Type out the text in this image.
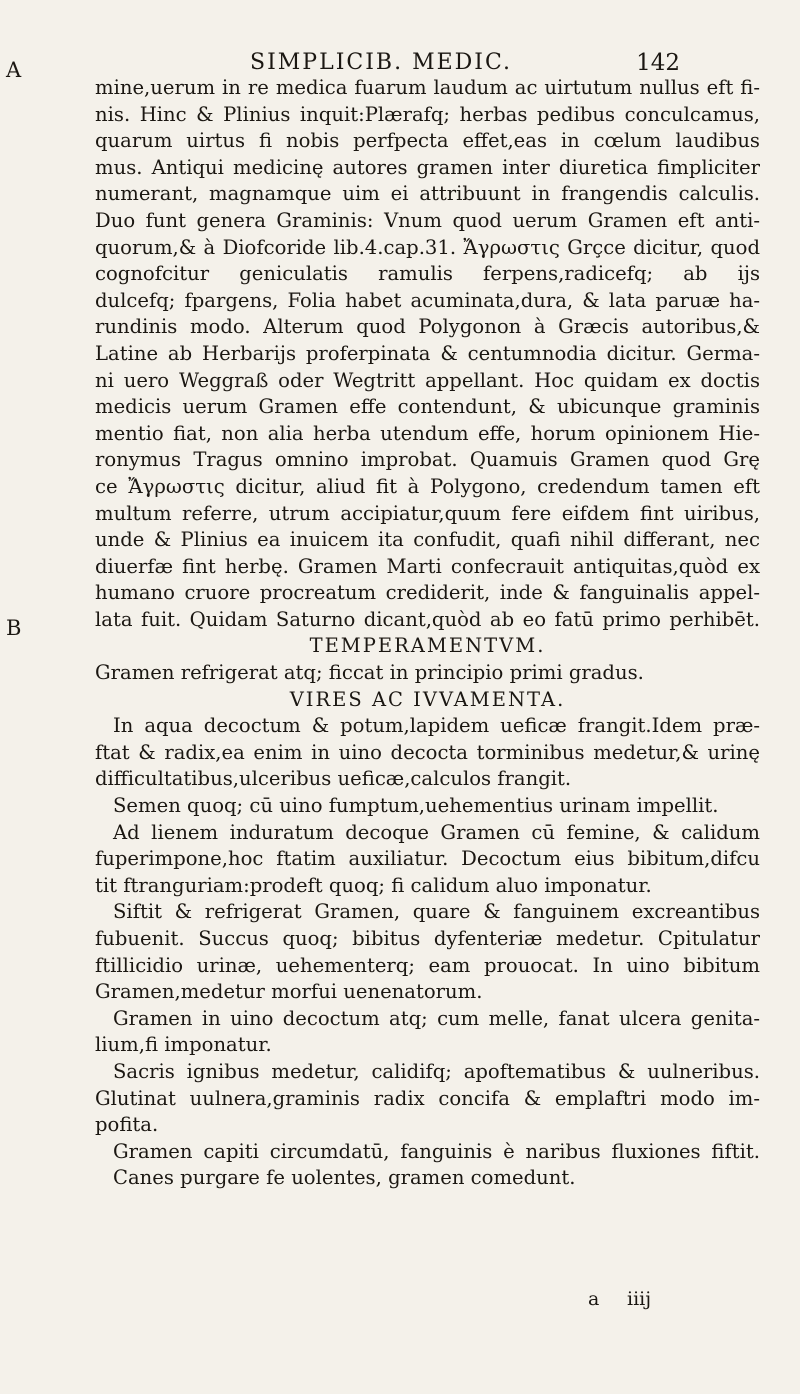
SIMPLICIB. MEDIC.	142
A
B
mine,uerum in re medica fuarum laudum ac uirtutum nullus eft fi-
nis. Hinc & Plinius inquit:Plærafq; herbas pedibus conculcamus,
quarum uirtus fi nobis perfpecta effet,eas in cœlum laudibus
mus. Antiqui medicinę autores gramen inter diuretica fimpliciter
numerant, magnamque uim ei attribuunt in frangendis calculis.
Duo funt genera Graminis: Vnum quod uerum Gramen eft anti-
quorum,& à Diofcoride lib.4.cap.31. Ἄγρωστις Grçce dicitur, quod
cognofcitur geniculatis ramulis ferpens,radicefq; ab ijs
dulcefq; fpargens, Folia habet acuminata,dura, & lata paruæ ha-
rundinis modo. Alterum quod Polygonon à Græcis autoribus,&
Latine ab Herbarijs proferpinata & centumnodia dicitur. Germa-
ni uero Weggraß oder Wegtritt appellant. Hoc quidam ex doctis
medicis uerum Gramen effe contendunt, & ubicunque graminis
mentio fiat, non alia herba utendum effe, horum opinionem Hie-
ronymus Tragus omnino improbat. Quamuis Gramen quod Grę
ce Ἄγρωστις dicitur, aliud fit à Polygono, credendum tamen eft
multum referre, utrum accipiatur,quum fere eifdem fint uiribus,
unde & Plinius ea inuicem ita confudit, quafi nihil differant, nec
diuerfæ fint herbę. Gramen Marti confecrauit antiquitas,quòd ex
humano cruore procreatum crediderit, inde & fanguinalis appel-
lata fuit. Quidam Saturno dicant,quòd ab eo fatū primo perhibēt.
TEMPERAMENTVM.
Gramen refrigerat atq; ficcat in principio primi gradus.
VIRES AC IVVAMENTA.
In aqua decoctum & potum,lapidem ueficæ frangit.Idem præ-
ftat & radix,ea enim in uino decocta torminibus medetur,& urinę
difficultatibus,ulceribus ueficæ,calculos frangit.
Semen quoq; cū uino fumptum,uehementius urinam impellit.
Ad lienem induratum decoque Gramen cū femine, & calidum
fuperimpone,hoc ftatim auxiliatur. Decoctum eius bibitum,difcu
tit ftranguriam:prodeft quoq; fi calidum aluo imponatur.
Siftit & refrigerat Gramen, quare & fanguinem excreantibus
fubuenit. Succus quoq; bibitus dyfenteriæ medetur. Cpitulatur
ftillicidio urinæ, uehementerq; eam prouocat. In uino bibitum
Gramen,medetur morfui uenenatorum.
Gramen in uino decoctum atq; cum melle, fanat ulcera genita-
lium,fi imponatur.
Sacris ignibus medetur, calidifq; apoftematibus & uulneribus.
Glutinat uulnera,graminis radix concifa & emplaftri modo im-
pofita.
Gramen capiti circumdatū, fanguinis è naribus fluxiones fiftit.
Canes purgare fe uolentes, gramen comedunt.
a iiij
